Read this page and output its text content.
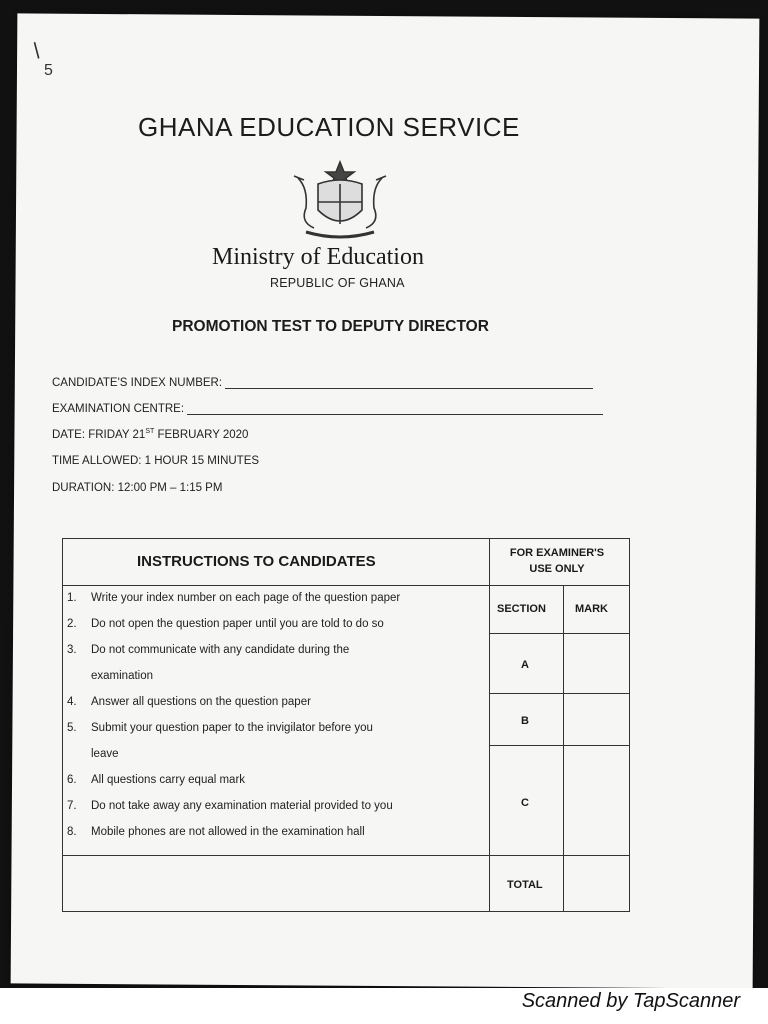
/
5
GHANA EDUCATION SERVICE
Ministry of Education
REPUBLIC OF GHANA
PROMOTION TEST TO DEPUTY DIRECTOR
CANDIDATE'S INDEX NUMBER:
EXAMINATION CENTRE:
DATE: FRIDAY 21ST FEBRUARY 2020
TIME ALLOWED: 1 HOUR 15 MINUTES
DURATION: 12:00 PM – 1:15 PM
INSTRUCTIONS TO CANDIDATES	FOR EXAMINER'S
USE ONLY
SECTION	MARK
A
B
C
TOTAL
1. Write your index number on each page of the question paper
2. Do not open the question paper until you are told to do so
3. Do not communicate with any candidate during the
examination
4. Answer all questions on the question paper
5. Submit your question paper to the invigilator before you
leave
6. All questions carry equal mark
7. Do not take away any examination material provided to you
8. Mobile phones are not allowed in the examination hall
Scanned by TapScanner
